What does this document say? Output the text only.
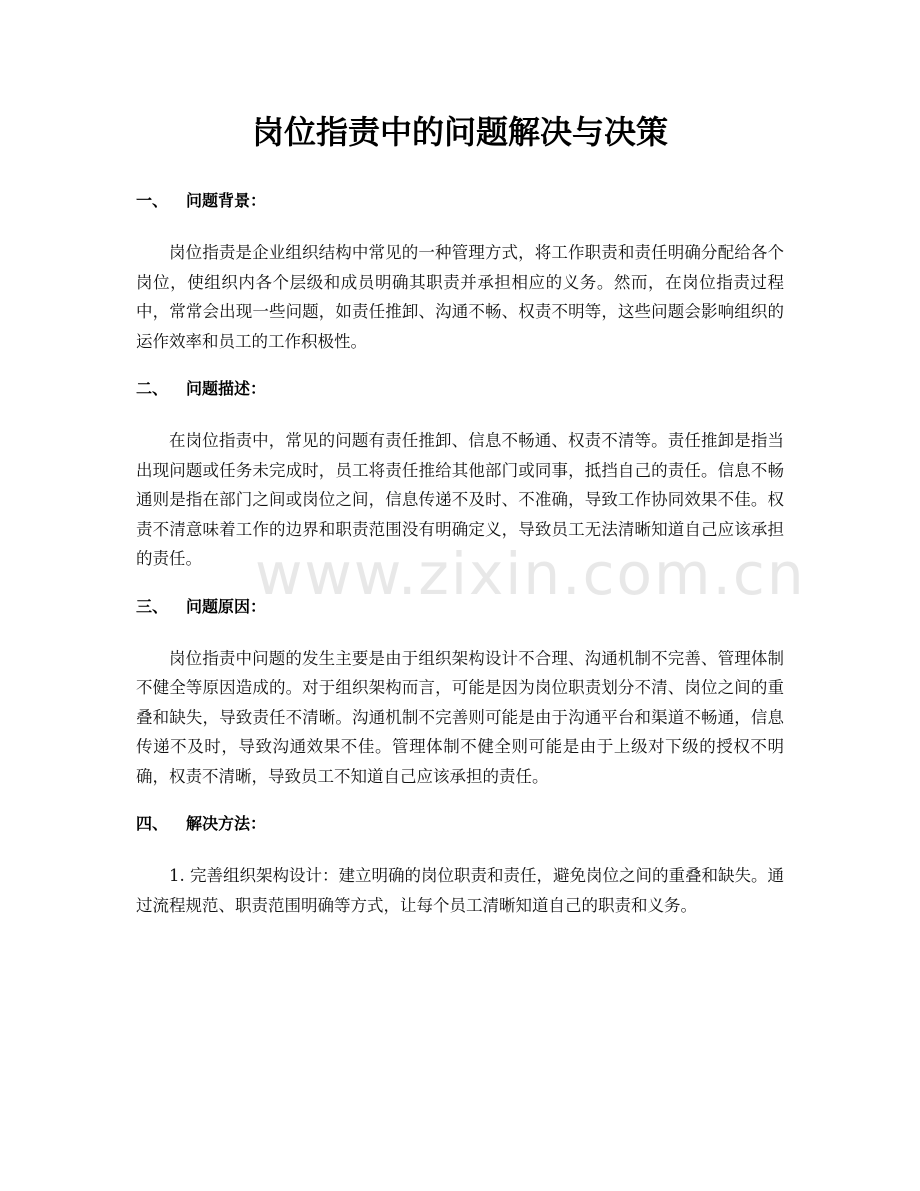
www.zixin.com.cn
岗位指责中的问题解决与决策
一、 问题背景：

岗位指责是企业组织结构中常见的一种管理方式，将工作职责和责任明确分配给各个岗位，使组织内各个层级和成员明确其职责并承担相应的义务。然而，在岗位指责过程中，常常会出现一些问题，如责任推卸、沟通不畅、权责不明等，这些问题会影响组织的运作效率和员工的工作积极性。

二、 问题描述：

在岗位指责中，常见的问题有责任推卸、信息不畅通、权责不清等。责任推卸是指当出现问题或任务未完成时，员工将责任推给其他部门或同事，抵挡自己的责任。信息不畅通则是指在部门之间或岗位之间，信息传递不及时、不准确，导致工作协同效果不佳。权责不清意味着工作的边界和职责范围没有明确定义，导致员工无法清晰知道自己应该承担的责任。

三、 问题原因：

岗位指责中问题的发生主要是由于组织架构设计不合理、沟通机制不完善、管理体制不健全等原因造成的。对于组织架构而言，可能是因为岗位职责划分不清、岗位之间的重叠和缺失，导致责任不清晰。沟通机制不完善则可能是由于沟通平台和渠道不畅通，信息传递不及时，导致沟通效果不佳。管理体制不健全则可能是由于上级对下级的授权不明确，权责不清晰，导致员工不知道自己应该承担的责任。

四、 解决方法：

1. 完善组织架构设计：建立明确的岗位职责和责任，避免岗位之间的重叠和缺失。通过流程规范、职责范围明确等方式，让每个员工清晰知道自己的职责和义务。
